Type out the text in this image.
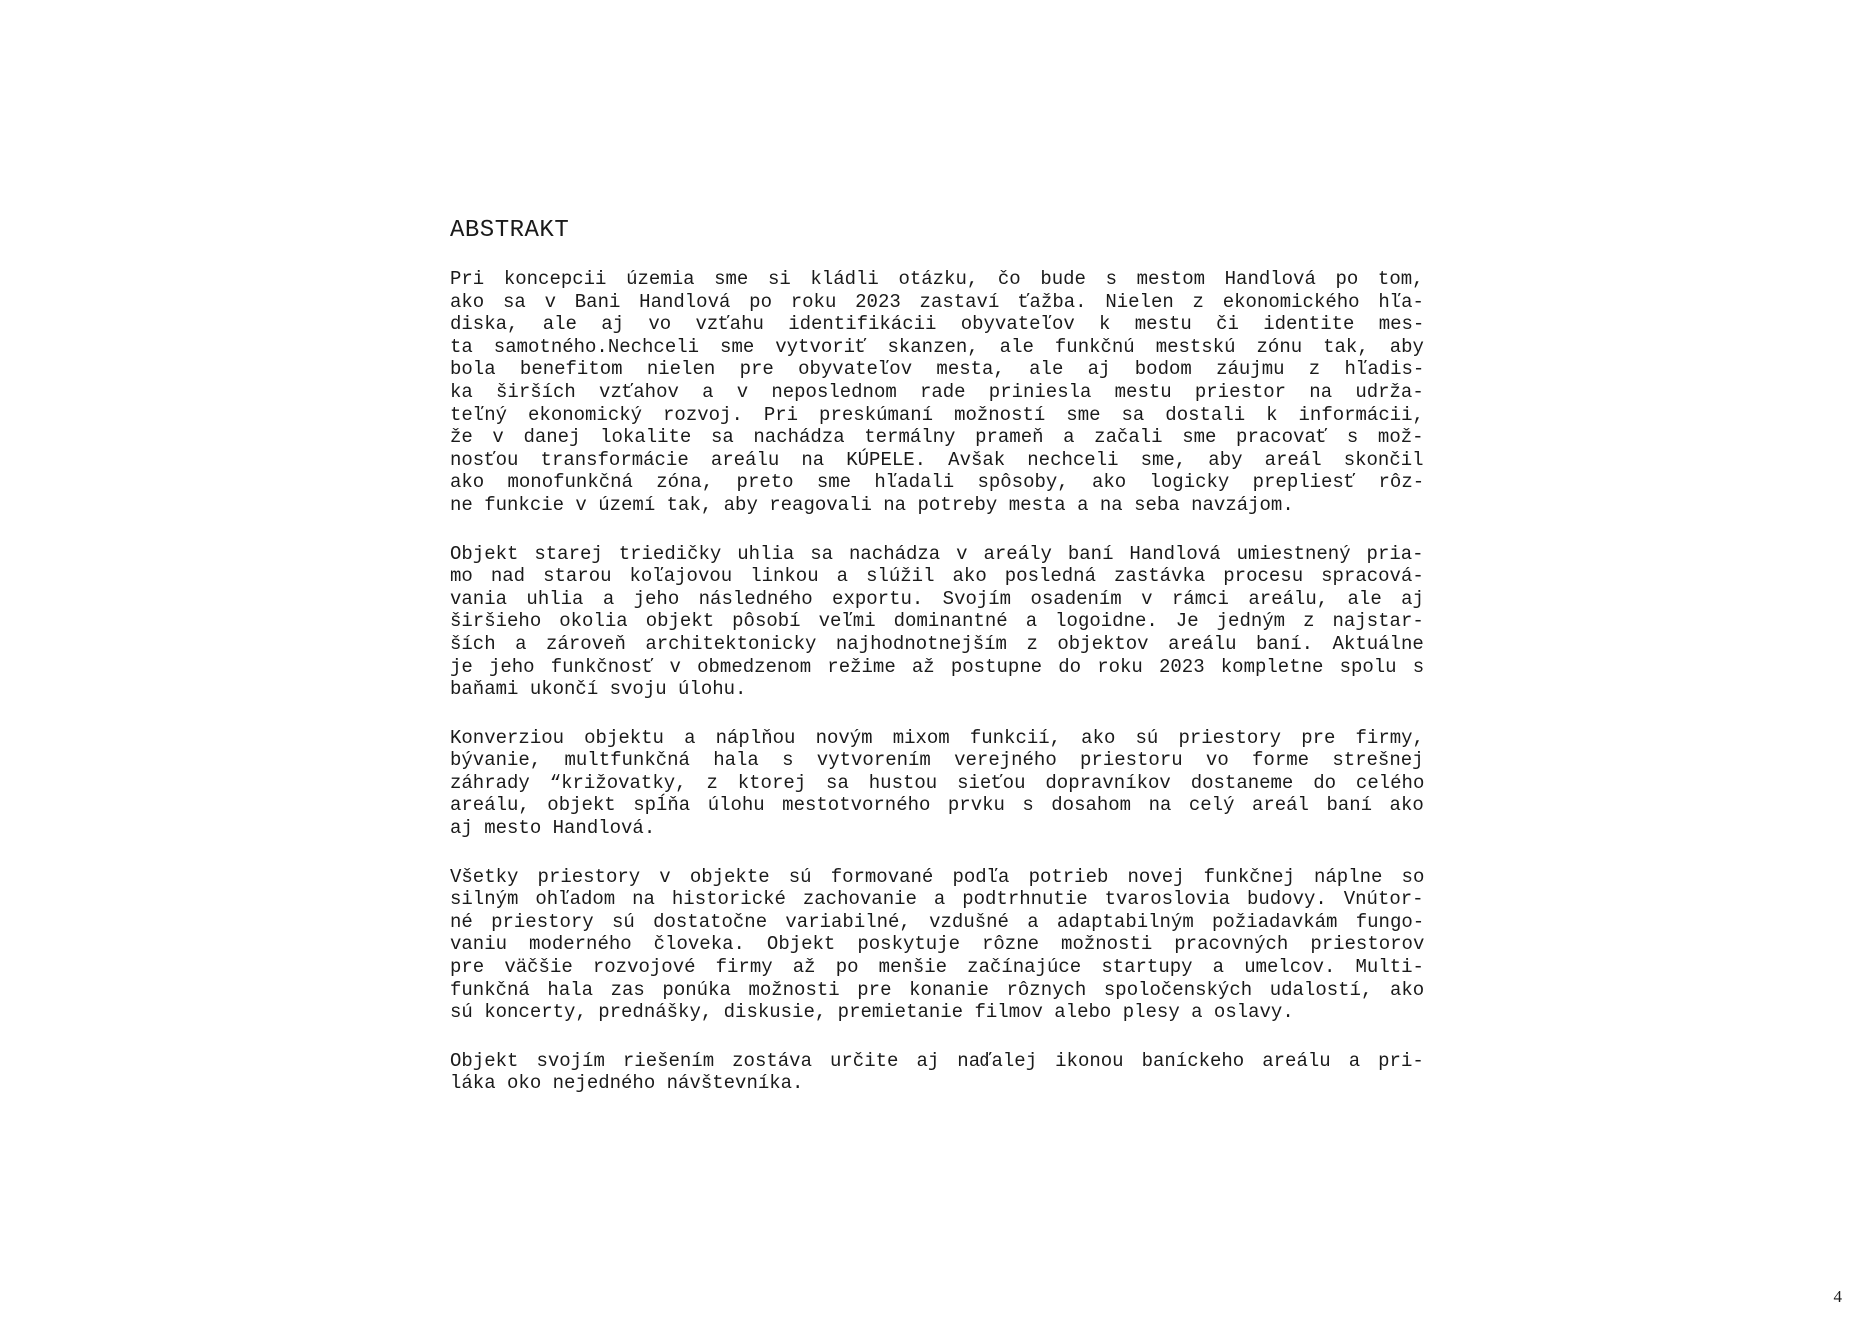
ABSTRAKT
Pri koncepcii územia sme si kládli otázku, čo bude s mestom Handlová po tom,
ako sa v Bani Handlová po roku 2023 zastaví ťažba. Nielen z ekonomického hľa-
diska, ale aj vo vzťahu identifikácii obyvateľov k mestu či identite mes-
ta samotného.Nechceli sme vytvoriť skanzen, ale funkčnú mestskú zónu tak, aby
bola benefitom nielen pre obyvateľov mesta, ale aj bodom záujmu z hľadis-
ka širších vzťahov a v neposlednom rade priniesla mestu priestor na udrža-
teľný ekonomický rozvoj. Pri preskúmaní možností sme sa dostali k informácii,
že v danej lokalite sa nachádza termálny prameň a začali sme pracovať s mož-
nosťou transformácie areálu na KÚPELE. Avšak nechceli sme, aby areál skončil
ako monofunkčná zóna, preto sme hľadali spôsoby, ako logicky prepliesť rôz-
ne funkcie v území tak, aby reagovali na potreby mesta a na seba navzájom.
Objekt starej triedičky uhlia sa nachádza v areály baní Handlová umiestnený pria-
mo nad starou koľajovou linkou a slúžil ako posledná zastávka procesu spracová-
vania uhlia a jeho následného exportu. Svojím osadením v rámci areálu, ale aj
širšieho okolia objekt pôsobí veľmi dominantné a logoidne. Je jedným z najstar-
ších a zároveň architektonicky najhodnotnejším z objektov areálu baní. Aktuálne
je jeho funkčnosť v obmedzenom režime až postupne do roku 2023 kompletne spolu s
baňami ukončí svoju úlohu.
Konverziou objektu a náplňou novým mixom funkcií, ako sú priestory pre firmy,
bývanie, multfunkčná hala s vytvorením verejného priestoru vo forme strešnej
záhrady “križovatky, z ktorej sa hustou sieťou dopravníkov dostaneme do celého
areálu, objekt spĺňa úlohu mestotvorného prvku s dosahom na celý areál baní ako
aj mesto Handlová.
Všetky priestory v objekte sú formované podľa potrieb novej funkčnej náplne so
silným ohľadom na historické zachovanie a podtrhnutie tvaroslovia budovy. Vnútor-
né priestory sú dostatočne variabilné, vzdušné a adaptabilným požiadavkám fungo-
vaniu moderného človeka. Objekt poskytuje rôzne možnosti pracovných priestorov
pre väčšie rozvojové firmy až po menšie začínajúce startupy a umelcov. Multi-
funkčná hala zas ponúka možnosti pre konanie rôznych spoločenských udalostí, ako
sú koncerty, prednášky, diskusie, premietanie filmov alebo plesy a oslavy.
Objekt svojím riešením zostáva určite aj naďalej ikonou baníckeho areálu a pri-
láka oko nejedného návštevníka.

4
